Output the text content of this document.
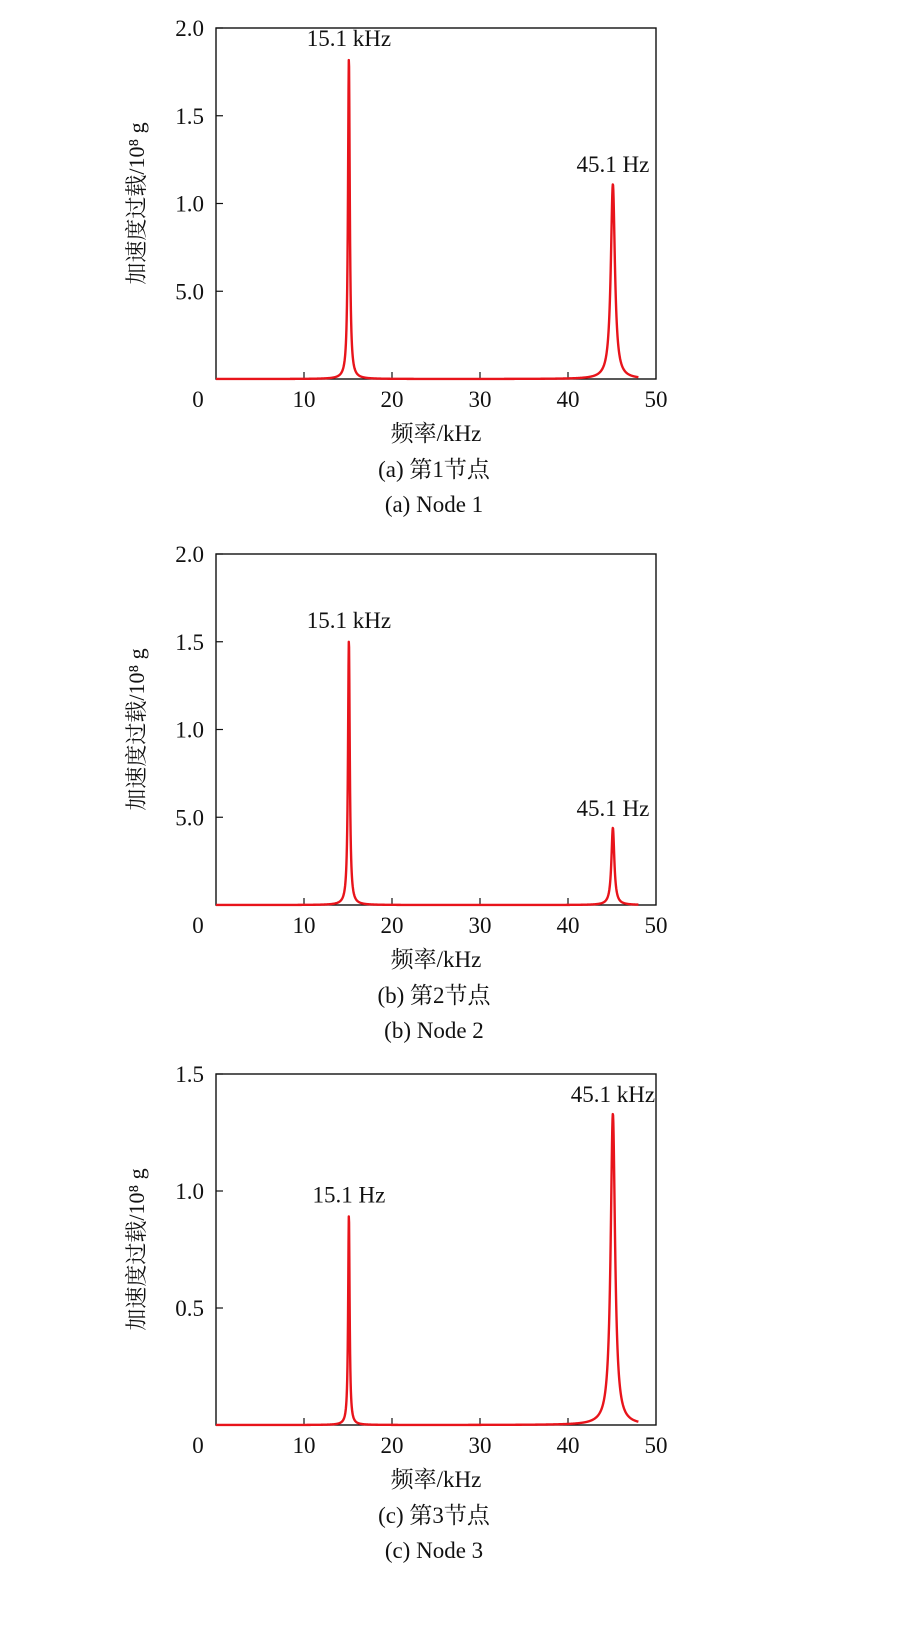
0	10	20	30	40	50
5.0
1.0
1.5
2.0
频率/kHz
加速度过载/10⁸ g
15.1 kHz
45.1 Hz
(a) 第1节点
(a) Node 1
0	10	20	30	40	50
5.0
1.0
1.5
2.0
频率/kHz
加速度过载/10⁸ g
15.1 kHz
45.1 Hz
(b) 第2节点
(b) Node 2
0	10	20	30	40	50
0.5
1.0
1.5
频率/kHz
加速度过载/10⁸ g	15.1 Hz
45.1 kHz
(c) 第3节点
(c) Node 3
